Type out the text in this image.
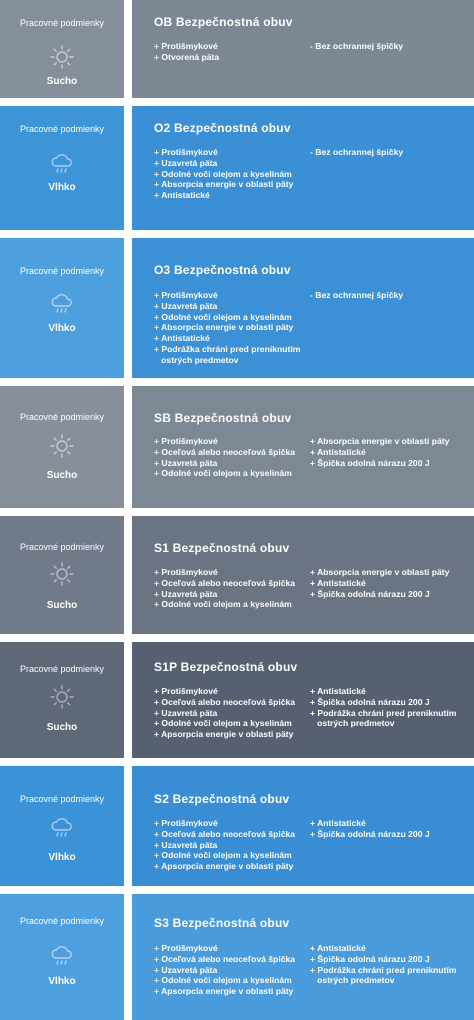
Pracovné podmienky
Sucho
OB Bezpečnostná obuv
+ Protišmykové
+ Otvorená päta
- Bez ochrannej špičky
Pracovné podmienky
Vlhko
O2 Bezpečnostná obuv
+ Protišmykové
+ Uzavretá päta
+ Odolné voči olejom a kyselinám
+ Absorpcia energie v oblasti päty
+ Antistatické
- Bez ochrannej špičky
Pracovné podmienky
Vlhko
O3 Bezpečnostná obuv
+ Protišmykové
+ Uzavretá päta
+ Odolné voči olejom a kyselinám
+ Absorpcia energie v oblasti päty
+ Antistatické
+ Podrážka chráni pred preniknutím
ostrých predmetov
- Bez ochrannej špičky
Pracovné podmienky
Sucho
SB Bezpečnostná obuv
+ Protišmykové
+ Oceľová alebo neoceľová špička
+ Uzavretá päta
+ Odolné voči olejom a kyselinám
+ Absorpcia energie v oblasti päty
+ Antistatické
+ Špička odolná nárazu 200 J
Pracovné podmienky
Sucho
S1 Bezpečnostná obuv
+ Protišmykové
+ Oceľová alebo neoceľová špička
+ Uzavretá päta
+ Odolné voči olejom a kyselinám
+ Absorpcia energie v oblasti päty
+ Antistatické
+ Špička odolná nárazu 200 J
Pracovné podmienky
Sucho
S1P Bezpečnostná obuv
+ Protišmykové
+ Oceľová alebo neoceľová špička
+ Uzavretá päta
+ Odolné voči olejom a kyselinám
+ Apsorpcia energie v oblasti päty
+ Antistatické
+ Špička odolná nárazu 200 J
+ Podrážka chráni pred preniknutím
ostrých predmetov
Pracovné podmienky
Vlhko
S2 Bezpečnostná obuv
+ Protišmykové
+ Oceľová alebo neoceľová špička
+ Uzavretá päta
+ Odolné voči olejom a kyselinám
+ Apsorpcia energie v oblasti päty
+ Antistatické
+ Špička odolná nárazu 200 J
Pracovné podmienky
Vlhko
S3 Bezpečnostná obuv
+ Protišmykové
+ Oceľová alebo neoceľová špička
+ Uzavretá päta
+ Odolné voči olejom a kyselinám
+ Apsorpcia energie v oblasti päty
+ Antistatické
+ Špička odolná nárazu 200 J
+ Podrážka chráni pred preniknutím
ostrých predmetov
